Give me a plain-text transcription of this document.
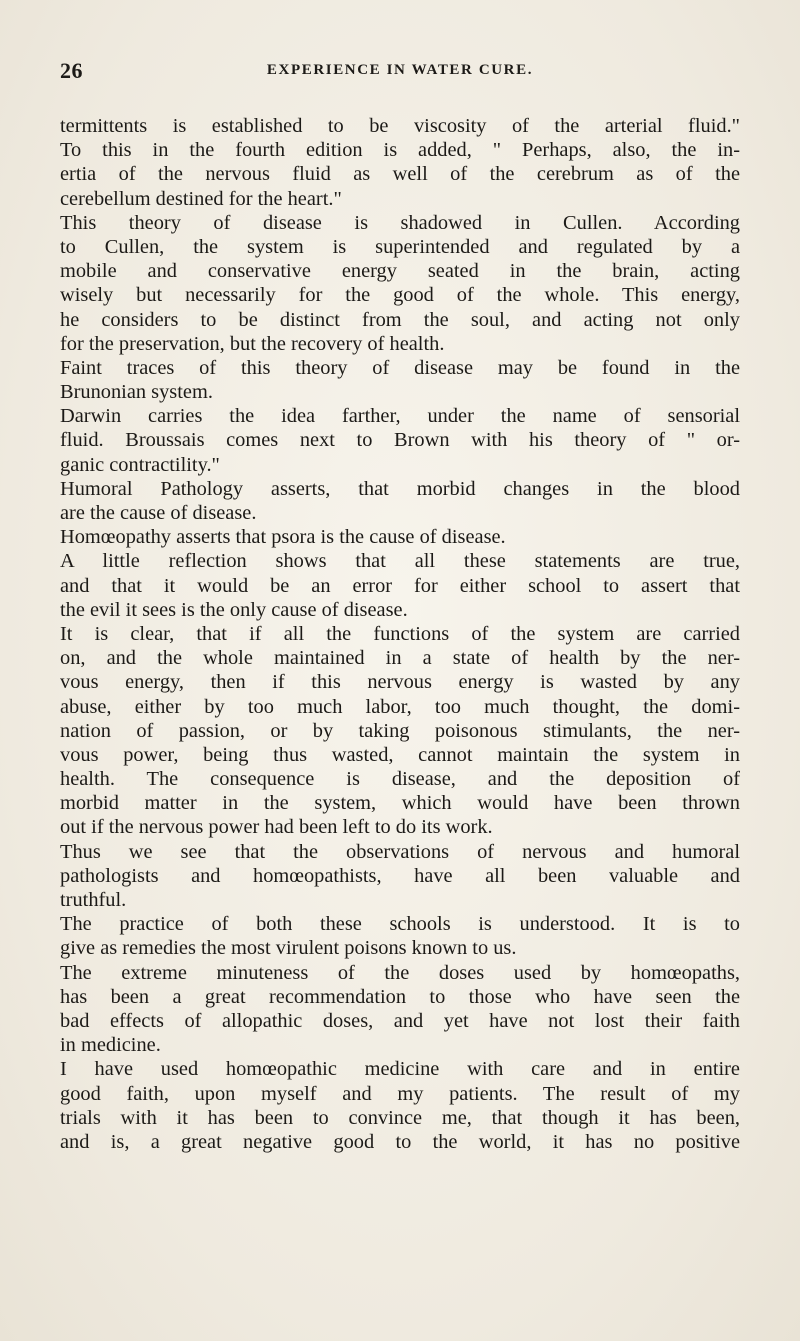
26	EXPERIENCE IN WATER CURE.
termittents is established to be viscosity of the arterial fluid."
To this in the fourth edition is added, " Perhaps, also, the in-
ertia of the nervous fluid as well of the cerebrum as of the
cerebellum destined for the heart."
This theory of disease is shadowed in Cullen. According
to Cullen, the system is superintended and regulated by a
mobile and conservative energy seated in the brain, acting
wisely but necessarily for the good of the whole. This energy,
he considers to be distinct from the soul, and acting not only
for the preservation, but the recovery of health.
Faint traces of this theory of disease may be found in the
Brunonian system.
Darwin carries the idea farther, under the name of sensorial
fluid. Broussais comes next to Brown with his theory of " or-
ganic contractility."
Humoral Pathology asserts, that morbid changes in the blood
are the cause of disease.
Homœopathy asserts that psora is the cause of disease.
A little reflection shows that all these statements are true,
and that it would be an error for either school to assert that
the evil it sees is the only cause of disease.
It is clear, that if all the functions of the system are carried
on, and the whole maintained in a state of health by the ner-
vous energy, then if this nervous energy is wasted by any
abuse, either by too much labor, too much thought, the domi-
nation of passion, or by taking poisonous stimulants, the ner-
vous power, being thus wasted, cannot maintain the system in
health. The consequence is disease, and the deposition of
morbid matter in the system, which would have been thrown
out if the nervous power had been left to do its work.
Thus we see that the observations of nervous and humoral
pathologists and homœopathists, have all been valuable and
truthful.
The practice of both these schools is understood. It is to
give as remedies the most virulent poisons known to us.
The extreme minuteness of the doses used by homœopaths,
has been a great recommendation to those who have seen the
bad effects of allopathic doses, and yet have not lost their faith
in medicine.
I have used homœopathic medicine with care and in entire
good faith, upon myself and my patients. The result of my
trials with it has been to convince me, that though it has been,
and is, a great negative good to the world, it has no positive
